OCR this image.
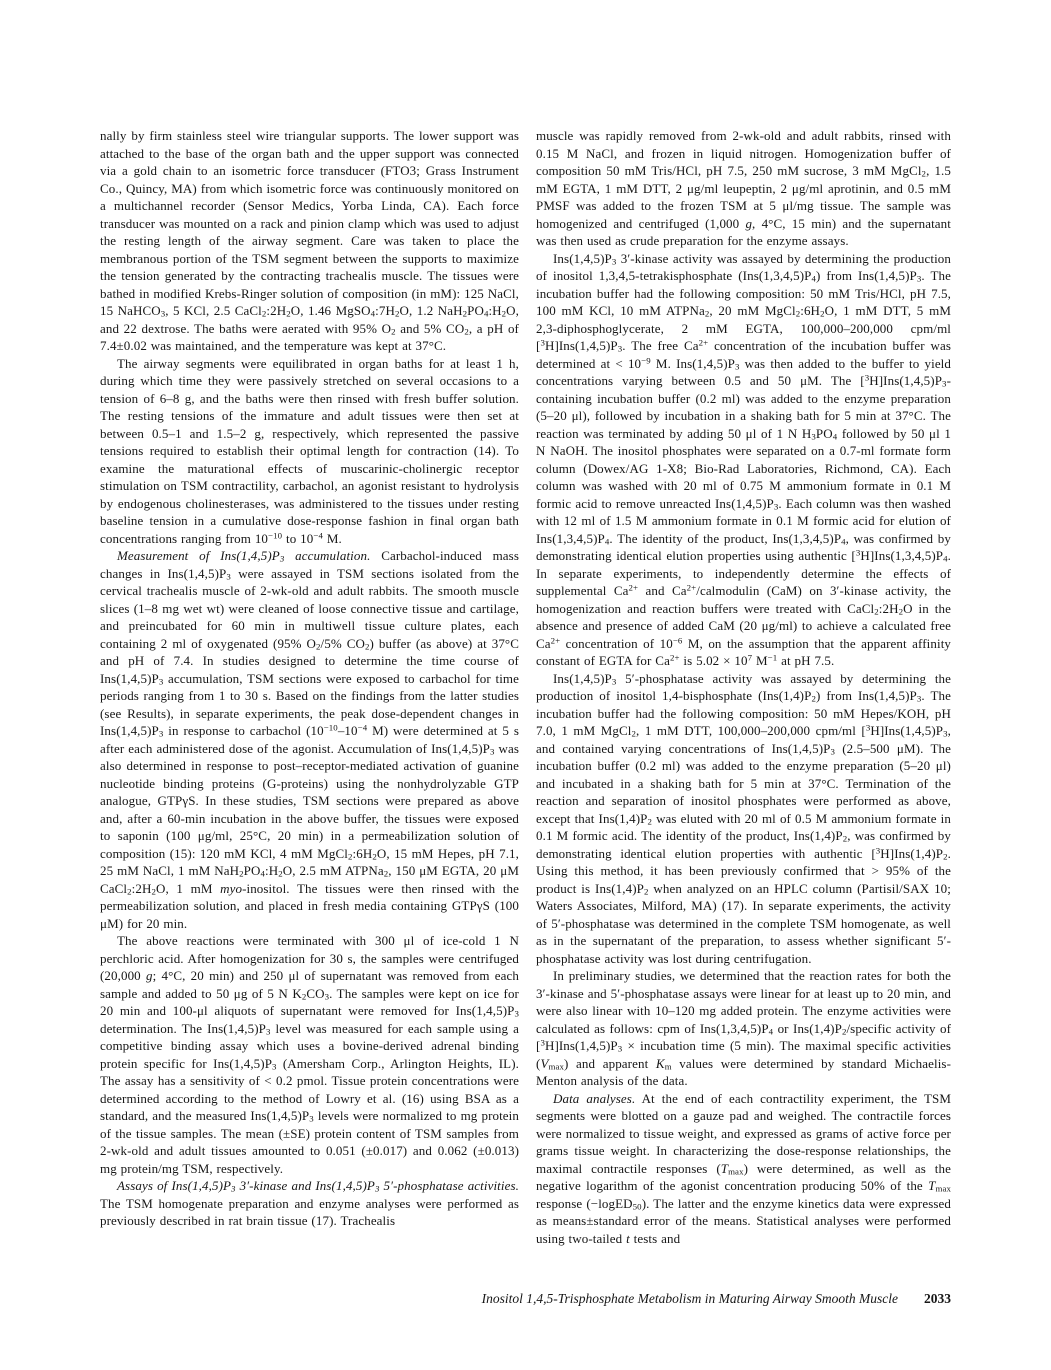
nally by firm stainless steel wire triangular supports. The lower support was attached to the base of the organ bath and the upper support was connected via a gold chain to an isometric force transducer (FTO3; Grass Instrument Co., Quincy, MA) from which isometric force was continuously monitored on a multichannel recorder (Sensor Medics, Yorba Linda, CA). Each force transducer was mounted on a rack and pinion clamp which was used to adjust the resting length of the airway segment. Care was taken to place the membranous portion of the TSM segment between the supports to maximize the tension generated by the contracting trachealis muscle. The tissues were bathed in modified Krebs-Ringer solution of composition (in mM): 125 NaCl, 15 NaHCO$_3$, 5 KCl, 2.5 $CaCl_2:2H_2O$, 1.46 $MgSO_4:7H_2O$, 1.2 $NaH_2PO_4:H_2O$, and 22 dextrose. The baths were aerated with 95% $O_2$ and 5% $CO_2$, a pH of 7.4±0.02 was maintained, and the temperature was kept at 37°C.

The airway segments were equilibrated in organ baths for at least 1 h, during which time they were passively stretched on several occasions to a tension of 6–8 g, and the baths were then rinsed with fresh buffer solution. The resting tensions of the immature and adult tissues were then set at between 0.5–1 and 1.5–2 g, respectively, which represented the passive tensions required to establish their optimal length for contraction (14). To examine the maturational effects of muscarinic-cholinergic receptor stimulation on TSM contractility, carbachol, an agonist resistant to hydrolysis by endogenous cholinesterases, was administered to the tissues under resting baseline tension in a cumulative dose-response fashion in final organ bath concentrations ranging from $10^{-10}$ to $10^{-4}$ M.

Measurement of $Ins(1,4,5)P_3$ accumulation. Carbachol-induced mass changes in $Ins(1,4,5)P_3$ were assayed in TSM sections isolated from the cervical trachealis muscle of 2-wk-old and adult rabbits. The smooth muscle slices (1–8 mg wet wt) were cleaned of loose connective tissue and cartilage, and preincubated for 60 min in multiwell tissue culture plates, each containing 2 ml of oxygenated (95% $O_2/5\%$ $CO_2$) buffer (as above) at 37°C and pH of 7.4. In studies designed to determine the time course of $Ins(1,4,5)P_3$ accumulation, TSM sections were exposed to carbachol for time periods ranging from 1 to 30 s. Based on the findings from the latter studies (see Results), in separate experiments, the peak dose-dependent changes in $Ins(1,4,5)P_3$ in response to carbachol ($10^{-10}-10^{-4}$ M) were determined at 5 s after each administered dose of the agonist. Accumulation of $Ins(1,4,5)P_3$ was also determined in response to post–receptor-mediated activation of guanine nucleotide binding proteins (G-proteins) using the nonhydrolyzable GTP analogue, GTPγS. In these studies, TSM sections were prepared as above and, after a 60-min incubation in the above buffer, the tissues were exposed to saponin (100 μg/ml, 25°C, 20 min) in a permeabilization solution of composition (15): 120 mM KCl, 4 mM $MgCl_2:6H_2O$, 15 mM Hepes, pH 7.1, 25 mM NaCl, 1 mM $NaH_2PO_4:H_2O$, 2.5 mM ATPNa$_2$, 150 μM EGTA, 20 μM $CaCl_2:2H_2O$, 1 mM myo-inositol. The tissues were then rinsed with the permeabilization solution, and placed in fresh media containing GTPγS (100 μM) for 20 min.

The above reactions were terminated with 300 μl of ice-cold 1 N perchloric acid. After homogenization for 30 s, the samples were centrifuged (20,000 g; 4°C, 20 min) and 250 μl of supernatant was removed from each sample and added to 50 μg of 5 N $K_2CO_3$. The samples were kept on ice for 20 min and 100-μl aliquots of supernatant were removed for $Ins(1,4,5)P_3$ determination. The $Ins(1,4,5)P_3$ level was measured for each sample using a competitive binding assay which uses a bovine-derived adrenal binding protein specific for $Ins(1,4,5)P_3$ (Amersham Corp., Arlington Heights, IL). The assay has a sensitivity of < 0.2 pmol. Tissue protein concentrations were determined according to the method of Lowry et al. (16) using BSA as a standard, and the measured $Ins(1,4,5)P_3$ levels were normalized to mg protein of the tissue samples. The mean (±SE) protein content of TSM samples from 2-wk-old and adult tissues amounted to 0.051 (±0.017) and 0.062 (±0.013) mg protein/mg TSM, respectively.

Assays of $Ins(1,4,5)P_3$ 3′-kinase and $Ins(1,4,5)P_3$ 5′-phosphatase activities. The TSM homogenate preparation and enzyme analyses were performed as previously described in rat brain tissue (17). Trachealis

muscle was rapidly removed from 2-wk-old and adult rabbits, rinsed with 0.15 M NaCl, and frozen in liquid nitrogen. Homogenization buffer of composition 50 mM Tris/HCl, pH 7.5, 250 mM sucrose, 3 mM MgCl$_2$, 1.5 mM EGTA, 1 mM DTT, 2 μg/ml leupeptin, 2 μg/ml aprotinin, and 0.5 mM PMSF was added to the frozen TSM at 5 μl/mg tissue. The sample was homogenized and centrifuged (1,000 g, 4°C, 15 min) and the supernatant was then used as crude preparation for the enzyme assays.

$Ins(1,4,5)P_3$ 3′-kinase activity was assayed by determining the production of inositol 1,3,4,5-tetrakisphosphate $(Ins(1,3,4,5)P_4)$ from $Ins(1,4,5)P_3$. The incubation buffer had the following composition: 50 mM Tris/HCl, pH 7.5, 100 mM KCl, 10 mM ATPNa$_2$, 20 mM $MgCl_2:6H_2O$, 1 mM DTT, 5 mM 2,3-diphosphoglycerate, 2 mM EGTA, 100,000–200,000 cpm/ml $[^3H]Ins(1,4,5)P_3$. The free $Ca^{2+}$ concentration of the incubation buffer was determined at < $10^{-9}$ M. $Ins(1,4,5)P_3$ was then added to the buffer to yield concentrations varying between 0.5 and 50 μM. The $[^3H]Ins(1,4,5)P_3$-containing incubation buffer (0.2 ml) was added to the enzyme preparation (5–20 μl), followed by incubation in a shaking bath for 5 min at 37°C. The reaction was terminated by adding 50 μl of 1 N $H_3PO_4$ followed by 50 μl 1 N NaOH. The inositol phosphates were separated on a 0.7-ml formate form column (Dowex/AG 1-X8; Bio-Rad Laboratories, Richmond, CA). Each column was washed with 20 ml of 0.75 M ammonium formate in 0.1 M formic acid to remove unreacted $Ins(1,4,5)P_3$. Each column was then washed with 12 ml of 1.5 M ammonium formate in 0.1 M formic acid for elution of $Ins(1,3,4,5)P_4$. The identity of the product, $Ins(1,3,4,5)P_4$, was confirmed by demonstrating identical elution properties using authentic $[^3H]Ins(1,3,4,5)P_4$. In separate experiments, to independently determine the effects of supplemental $Ca^{2+}$ and $Ca^{2+}$/calmodulin (CaM) on 3′-kinase activity, the homogenization and reaction buffers were treated with $CaCl_2:2H_2O$ in the absence and presence of added CaM (20 μg/ml) to achieve a calculated free $Ca^{2+}$ concentration of $10^{-6}$ M, on the assumption that the apparent affinity constant of EGTA for $Ca^{2+}$ is $5.02 \times 10^7$ $M^{-1}$ at pH 7.5.

$Ins(1,4,5)P_3$ 5′-phosphatase activity was assayed by determining the production of inositol 1,4-bisphosphate $(Ins(1,4)P_2)$ from $Ins(1,4,5)P_3$. The incubation buffer had the following composition: 50 mM Hepes/KOH, pH 7.0, 1 mM MgCl$_2$, 1 mM DTT, 100,000–200,000 cpm/ml $[^3H]Ins(1,4,5)P_3$, and contained varying concentrations of $Ins(1,4,5)P_3$ (2.5–500 μM). The incubation buffer (0.2 ml) was added to the enzyme preparation (5–20 μl) and incubated in a shaking bath for 5 min at 37°C. Termination of the reaction and separation of inositol phosphates were performed as above, except that $Ins(1,4)P_2$ was eluted with 20 ml of 0.5 M ammonium formate in 0.1 M formic acid. The identity of the product, $Ins(1,4)P_2$, was confirmed by demonstrating identical elution properties with authentic $[^3H]Ins(1,4)P_2$. Using this method, it has been previously confirmed that > 95% of the product is $Ins(1,4)P_2$ when analyzed on an HPLC column (Partisil/SAX 10; Waters Associates, Milford, MA) (17). In separate experiments, the activity of 5′-phosphatase was determined in the complete TSM homogenate, as well as in the supernatant of the preparation, to assess whether significant 5′-phosphatase activity was lost during centrifugation.

In preliminary studies, we determined that the reaction rates for both the 3′-kinase and 5′-phosphatase assays were linear for at least up to 20 min, and were also linear with 10–120 mg added protein. The enzyme activities were calculated as follows: cpm of $Ins(1,3,4,5)P_4$ or $Ins(1,4)P_2$/specific activity of $[^3H]Ins(1,4,5)P_3$ × incubation time (5 min). The maximal specific activities $(V_{max})$ and apparent $K_m$ values were determined by standard Michaelis-Menton analysis of the data.

Data analyses. At the end of each contractility experiment, the TSM segments were blotted on a gauze pad and weighed. The contractile forces were normalized to tissue weight, and expressed as grams of active force per grams tissue weight. In characterizing the dose-response relationships, the maximal contractile responses $(T_{max})$ were determined, as well as the negative logarithm of the agonist concentration producing 50% of the $T_{max}$ response (−logED$_{50}$). The latter and the enzyme kinetics data were expressed as means±standard error of the means. Statistical analyses were performed using two-tailed t tests and

Inositol 1,4,5-Trisphosphate Metabolism in Maturing Airway Smooth Muscle 2033
